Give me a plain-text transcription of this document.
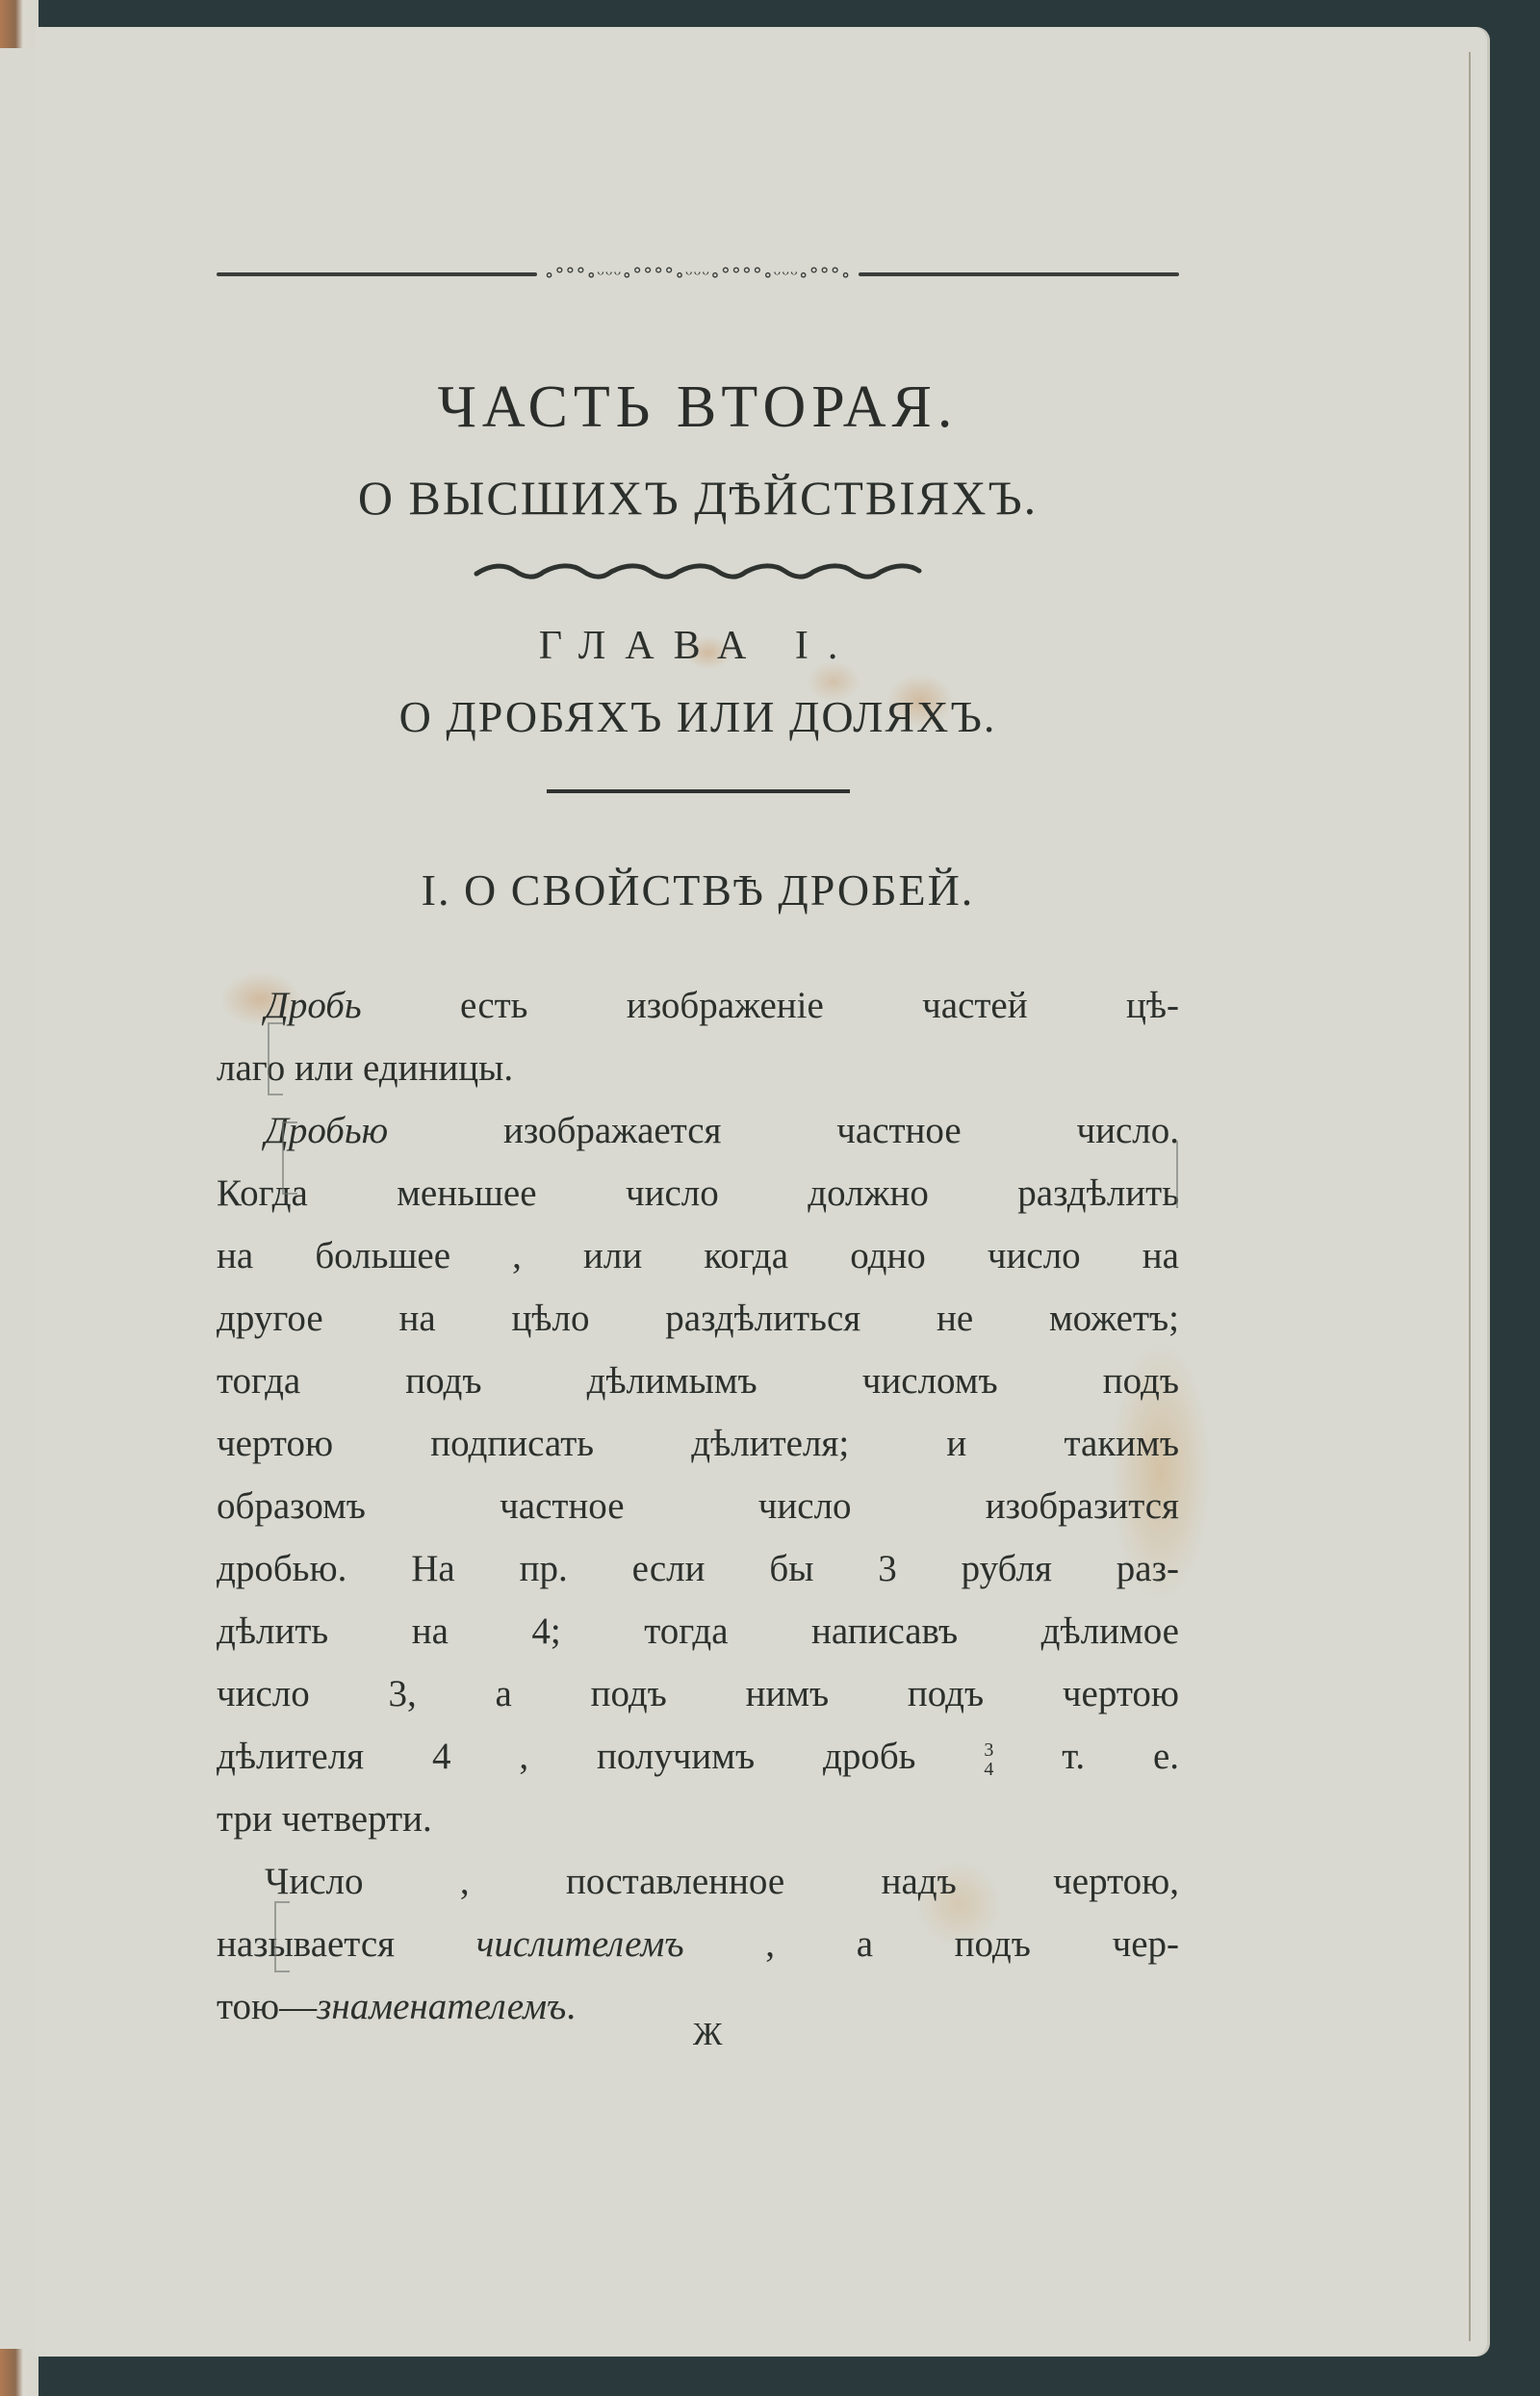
∘°°°∘ᵕᵕᵕ∘°°°°∘ᵕᵕᵕ∘°°°°∘ᵕᵕᵕ∘°°°∘
ЧАСТЬ ВТОРАЯ.
О ВЫСШИХЪ ДѢЙСТВІЯХЪ.
ГЛАВА I.
О ДРОБЯХЪ ИЛИ ДОЛЯХЪ.
I. О СВОЙСТВѢ ДРОБЕЙ.

Дробь есть изображеніе частей цѣ-
лаго или единицы.

Дробью изображается частное число.
Когда меньшее число должно раздѣлить
на большее , или когда одно число на
другое на цѣло раздѣлиться не можетъ;
тогда подъ дѣлимымъ числомъ подъ
чертою подписать дѣлителя; и такимъ
образомъ частное число изобразится
дробью. На пр. если бы 3 рубля раз-
дѣлить на 4; тогда написавъ дѣлимое
число 3, а подъ нимъ подъ чертою
дѣлителя 4 , получимъ дробь 3
4 т. е.
три четверти.

Число , поставленное надъ чертою,
называется числителемъ , а подъ чер-
тою—знаменателемъ.

Ж
